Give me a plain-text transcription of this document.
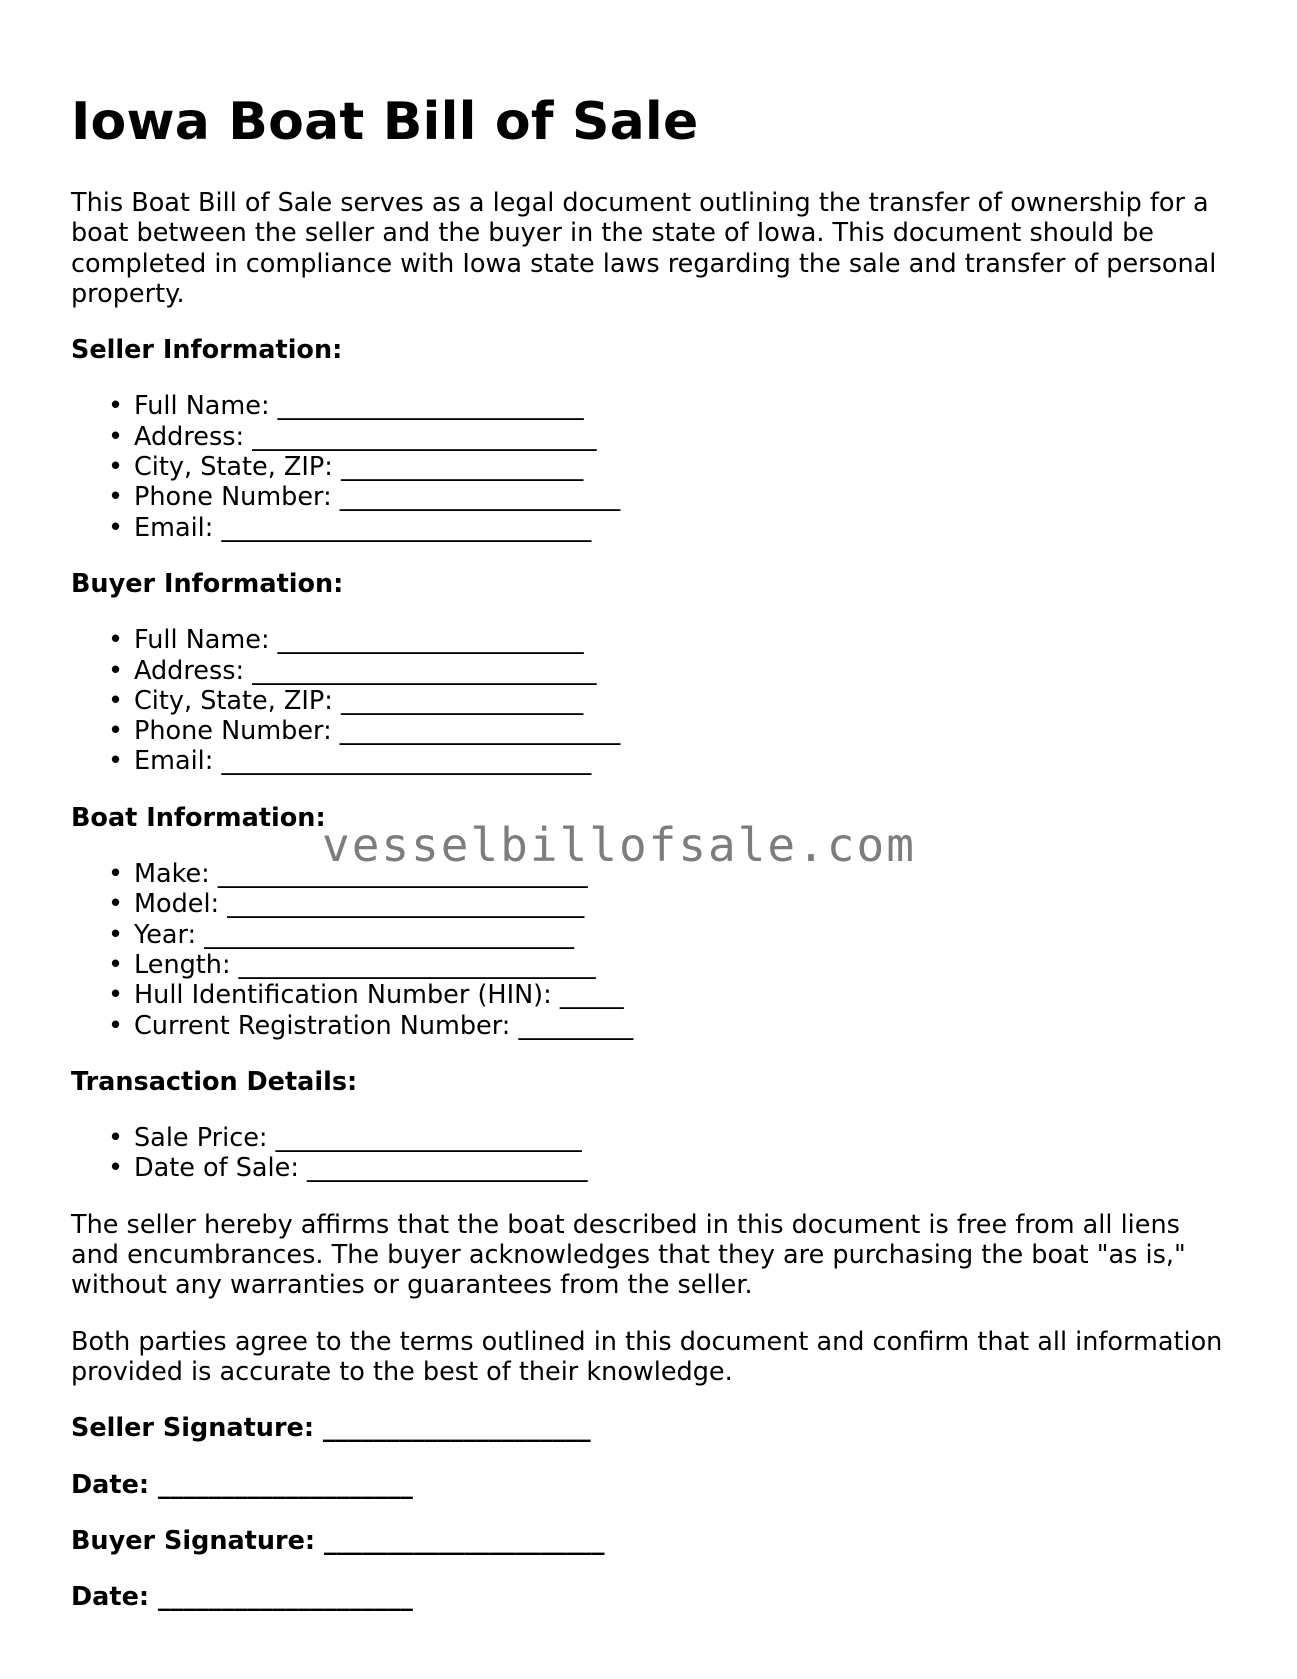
Iowa Boat Bill of Sale

This Boat Bill of Sale serves as a legal document outlining the transfer of ownership for a boat between the seller and the buyer in the state of Iowa. This document should be completed in compliance with Iowa state laws regarding the sale and transfer of personal property.

Seller Information:
• Full Name: ________________________
• Address: ___________________________
• City, State, ZIP: ___________________
• Phone Number: ______________________
• Email: _____________________________
Buyer Information:
• Full Name: ________________________
• Address: ___________________________
• City, State, ZIP: ___________________
• Phone Number: ______________________
• Email: _____________________________
Boat Information:
• Make: _____________________________
• Model: ____________________________
• Year: _____________________________
• Length: ____________________________
• Hull Identification Number (HIN): _____
• Current Registration Number: _________
Transaction Details:
• Sale Price: ________________________
• Date of Sale: ______________________

The seller hereby affirms that the boat described in this document is free from all liens and encumbrances. The buyer acknowledges that they are purchasing the boat "as is," without any warranties or guarantees from the seller.

Both parties agree to the terms outlined in this document and confirm that all information provided is accurate to the best of their knowledge.

Seller Signature: _____________________
Date: ____________________
Buyer Signature: ______________________
Date: ____________________
vesselbillofsale.com
